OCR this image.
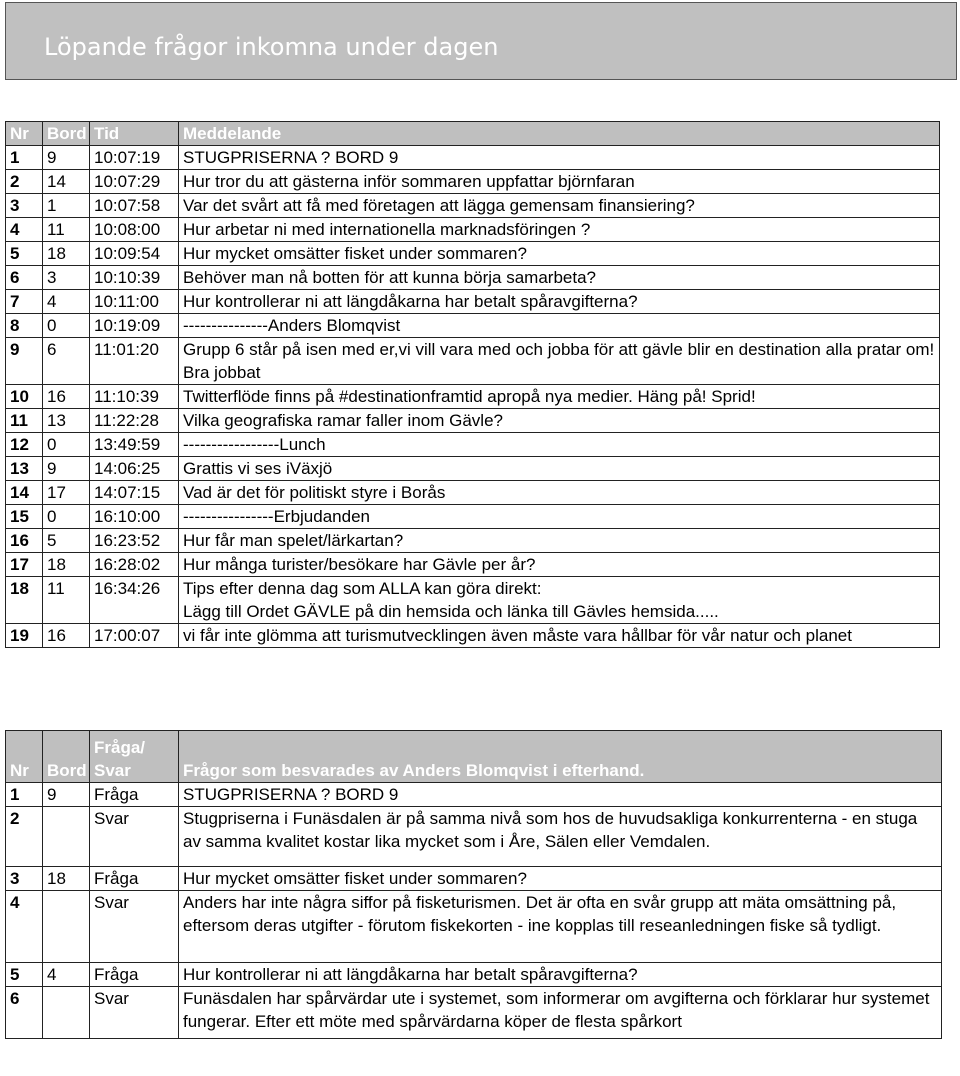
Löpande frågor inkomna under dagen
Nr	Bord	Tid	Meddelande
1	9	10:07:19	STUGPRISERNA ? BORD 9
2	14	10:07:29	Hur tror du att gästerna inför sommaren uppfattar björnfaran
3	1	10:07:58	Var det svårt att få med företagen att lägga gemensam finansiering?
4	11	10:08:00	Hur arbetar ni med internationella marknadsföringen ?
5	18	10:09:54	Hur mycket omsätter fisket under sommaren?
6	3	10:10:39	Behöver man nå botten för att kunna börja samarbeta?
7	4	10:11:00	Hur kontrollerar ni att längdåkarna har betalt spåravgifterna?
8	0	10:19:09	---------------Anders Blomqvist
9	6	11:01:20	Grupp 6 står på isen med er,vi vill vara med och jobba för att gävle blir en destination alla pratar om! Bra jobbat
10	16	11:10:39	Twitterflöde finns på #destinationframtid apropå nya medier. Häng på! Sprid!
11	13	11:22:28	Vilka geografiska ramar faller inom Gävle?
12	0	13:49:59	-----------------Lunch
13	9	14:06:25	Grattis vi ses iVäxjö
14	17	14:07:15	Vad är det för politiskt styre i Borås
15	0	16:10:00	----------------Erbjudanden
16	5	16:23:52	Hur får man spelet/lärkartan?
17	18	16:28:02	Hur många turister/besökare har Gävle per år?
18	11	16:34:26	Tips efter denna dag som ALLA kan göra direkt:
Lägg till Ordet GÄVLE på din hemsida och länka till Gävles hemsida.....
19	16	17:00:07	vi får inte glömma att turismutvecklingen även måste vara hållbar för vår natur och planet
Nr	Bord	Fråga/ Svar	Frågor som besvarades av Anders Blomqvist i efterhand.
1	9	Fråga	STUGPRISERNA ? BORD 9
2		Svar	Stugpriserna i Funäsdalen är på samma nivå som hos de huvudsakliga konkurrenterna - en stuga av samma kvalitet kostar lika mycket som i Åre, Sälen eller Vemdalen.
3	18	Fråga	Hur mycket omsätter fisket under sommaren?
4		Svar	Anders har inte några siffor på fisketurismen. Det är ofta en svår grupp att mäta omsättning på, eftersom deras utgifter - förutom fiskekorten - ine kopplas till reseanledningen fiske så tydligt.
5	4	Fråga	Hur kontrollerar ni att längdåkarna har betalt spåravgifterna?
6		Svar	Funäsdalen har spårvärdar ute i systemet, som informerar om avgifterna och förklarar hur systemet fungerar. Efter ett möte med spårvärdarna köper de flesta spårkort
